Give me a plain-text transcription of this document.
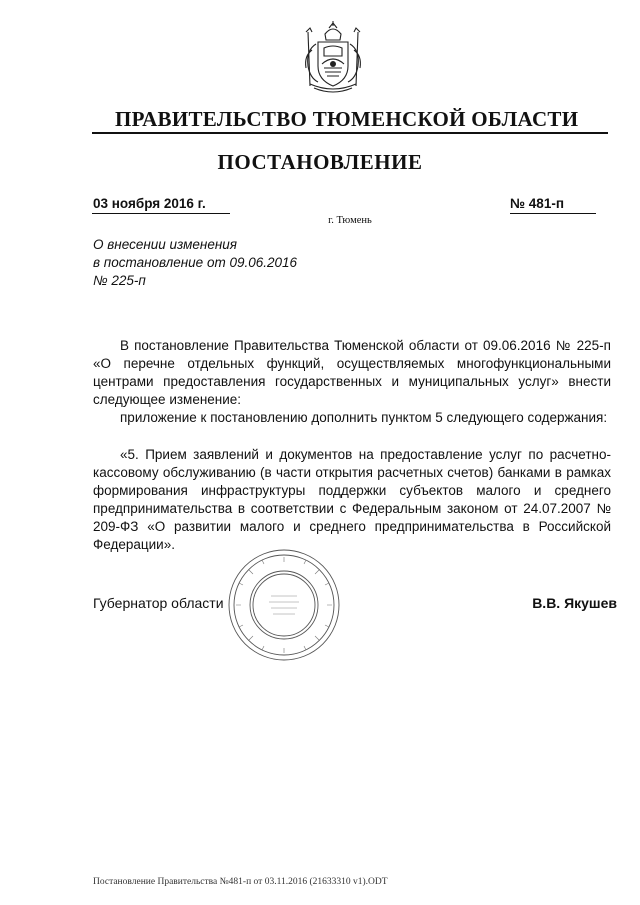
ПРАВИТЕЛЬСТВО ТЮМЕНСКОЙ ОБЛАСТИ
ПОСТАНОВЛЕНИЕ
03 ноября 2016 г.	№ 481-п
г. Тюмень
О внесении изменения
в постановление от 09.06.2016
№ 225-п

В постановление Правительства Тюменской области от 09.06.2016 № 225-п «О перечне отдельных функций, осуществляемых многофункциональными центрами предоставления государственных и муниципальных услуг» внести следующее изменение:

приложение к постановлению дополнить пунктом 5 следующего содержания:

«5. Прием заявлений и документов на предоставление услуг по расчетно-кассовому обслуживанию (в части открытия расчетных счетов) банками в рамках формирования инфраструктуры поддержки субъектов малого и среднего предпринимательства в соответствии с Федеральным законом от 24.07.2007 № 209-ФЗ «О развитии малого и среднего предпринимательства в Российской Федерации».

Губернатор области	В.В. Якушев
Постановление Правительства №481-п от 03.11.2016 (21633310 v1).ODT
